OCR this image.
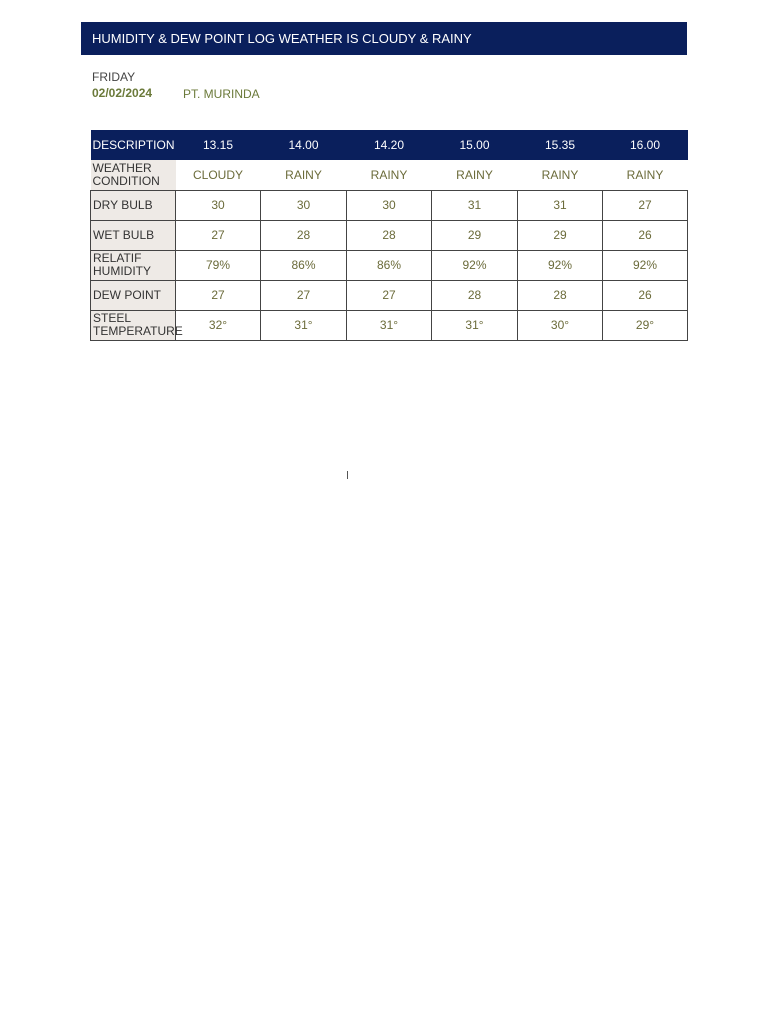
HUMIDITY & DEW POINT LOG WEATHER IS CLOUDY & RAINY
FRIDAY
02/02/2024	PT. MURINDA
DESCRIPTION	13.15	14.00	14.20	15.00	15.35	16.00
WEATHER CONDITION	CLOUDY	RAINY	RAINY	RAINY	RAINY	RAINY
DRY BULB	30	30	30	31	31	27
WET BULB	27	28	28	29	29	26
RELATIF HUMIDITY	79%	86%	86%	92%	92%	92%
DEW POINT	27	27	27	28	28	26
STEEL TEMPERATURE	32°	31°	31°	31°	30°	29°
